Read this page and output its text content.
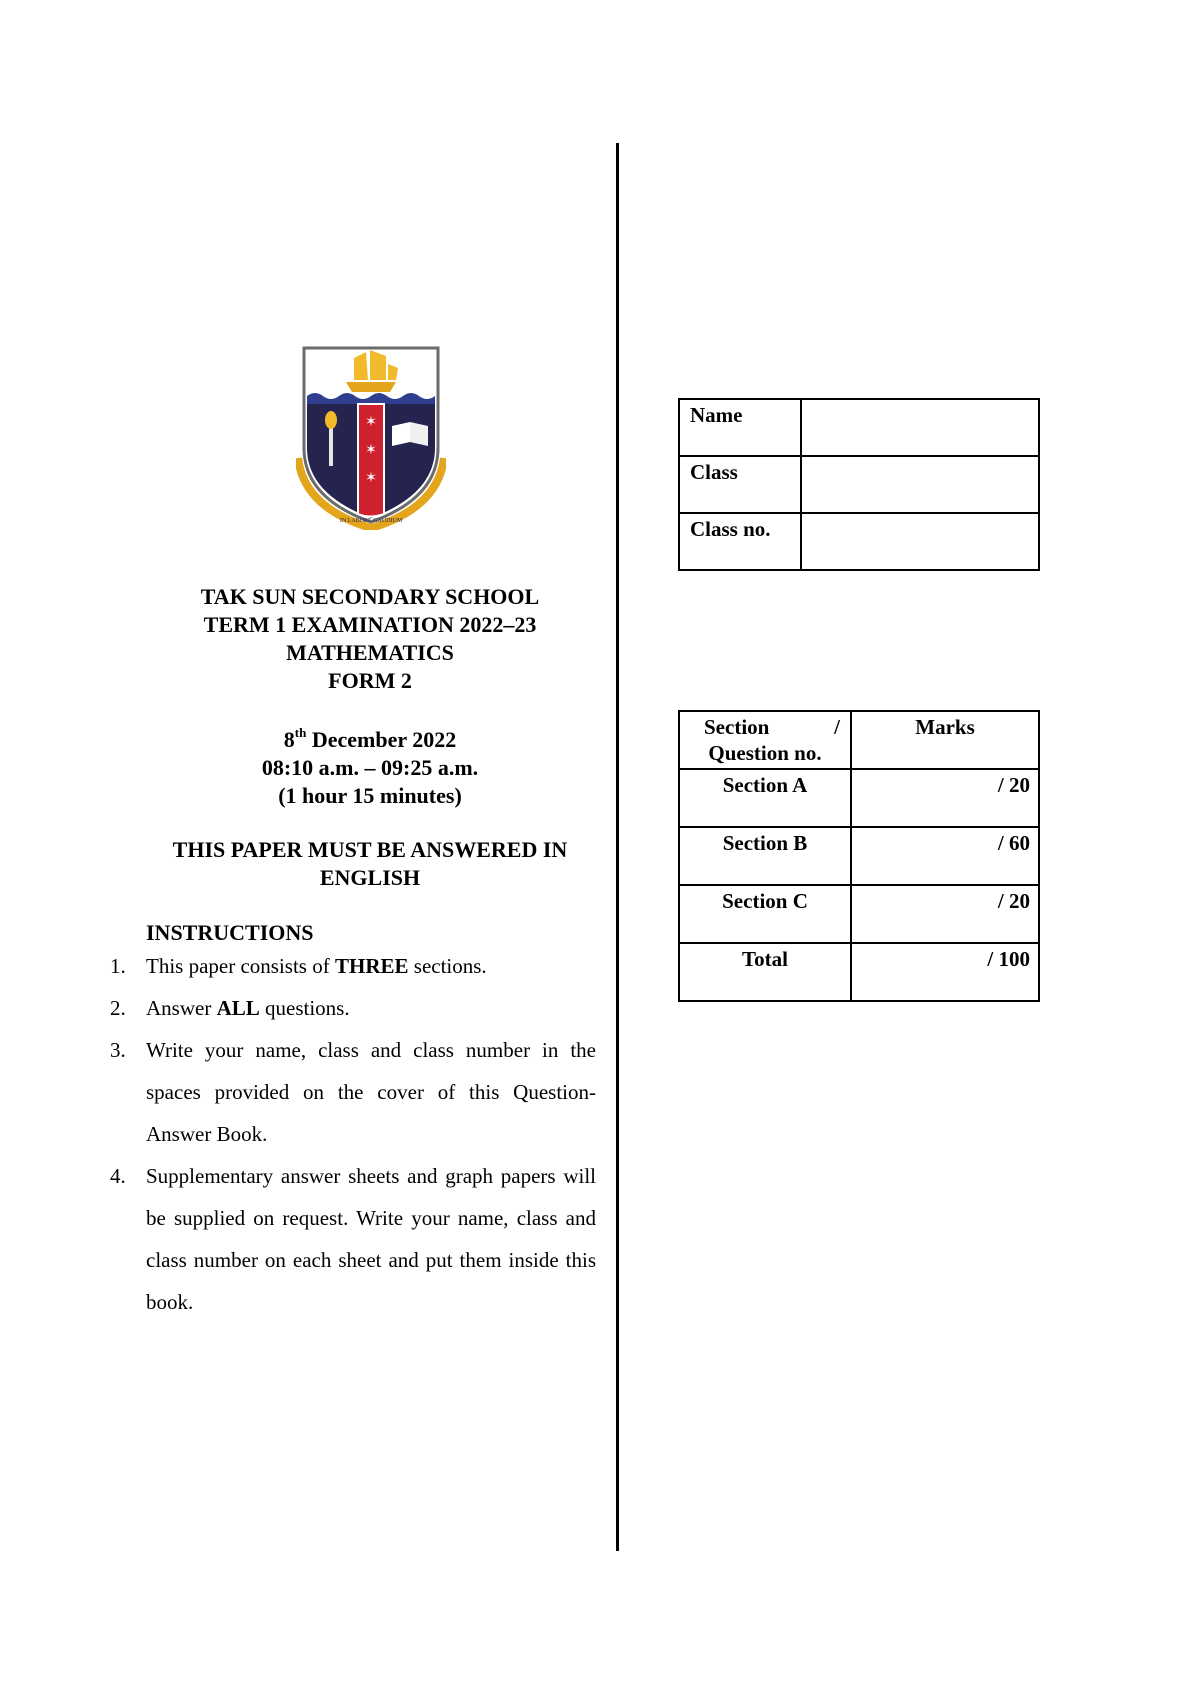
✶
✶
✶
IN LABORE GAUDIUM
TAK SUN SECONDARY SCHOOL
TERM 1 EXAMINATION 2022–23
MATHEMATICS
FORM 2
8th December 2022
08:10 a.m. – 09:25 a.m.
(1 hour 15 minutes)
THIS PAPER MUST BE ANSWERED IN
ENGLISH
INSTRUCTIONS
1. This paper consists of THREE sections.
2. Answer ALL questions.
3. Write your name, class and class number in the spaces provided on the cover of this Question-Answer Book.
4. Supplementary answer sheets and graph papers will be supplied on request. Write your name, class and class number on each sheet and put them inside this book.
Name	
Class	
Class no.	
Section /
Question no.	Marks
Section A	/ 20
Section B	/ 60
Section C	/ 20
Total	/ 100
